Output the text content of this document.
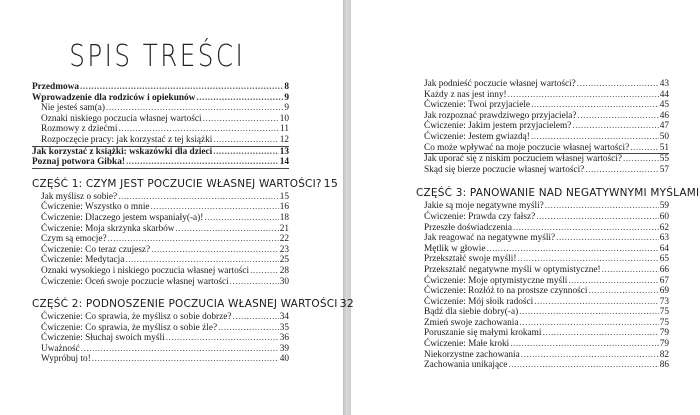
SPIS TREŚCI
Przedmowa .....	8
Wprowadzenie dla rodziców i opiekunów .....	9
Nie jesteś sam(a) .....	9
Oznaki niskiego poczucia własnej wartości .....	10
Rozmowy z dziećmi .....	11
Rozpoczęcie pracy: jak korzystać z tej książki .....	12
Jak korzystać z książki: wskazówki dla dzieci .....	13
Poznaj potwora Gibka! .....	14
CZĘŚĆ 1: CZYM JEST POCZUCIE WŁASNEJ WARTOŚCI? 15
Jak myślisz o sobie? .....	15
Ćwiczenie: Wszystko o mnie .....	16
Ćwiczenie: Dlaczego jestem wspaniały(-a)! .....	18
Ćwiczenie: Moja skrzynka skarbów .....	21
Czym są emocje? .....	22
Ćwiczenie: Co teraz czujesz? .....	23
Ćwiczenie: Medytacja .....	25
Oznaki wysokiego i niskiego poczucia własnej wartości .....	28
Ćwiczenie: Oceń swoje poczucie własnej wartości .....	30
CZĘŚĆ 2: PODNOSZENIE POCZUCIA WŁASNEJ WARTOŚCI 32
Ćwiczenie: Co sprawia, że myślisz o sobie dobrze? .....	34
Ćwiczenie: Co sprawia, że myślisz o sobie źle? .....	35
Ćwiczenie: Słuchaj swoich myśli .....	36
Uważność .....	39
Wypróbuj to! .....	40
Jak podnieść poczucie własnej wartości? .....	43
Każdy z nas jest inny! .....	44
Ćwiczenie: Twoi przyjaciele .....	45
Jak rozpoznać prawdziwego przyjaciela? .....	46
Ćwiczenie: Jakim jestem przyjacielem? .....	47
Ćwiczenie: Jestem gwiazdą! .....	50
Co może wpływać na moje poczucie własnej wartości? .....	51
Jak uporać się z niskim poczuciem własnej wartości? .....	55
Skąd się bierze poczucie własnej wartości? .....	57
CZĘŚĆ 3: PANOWANIE NAD NEGATYWNYMI MYŚLAMI
Jakie są moje negatywne myśli? .....	59
Ćwiczenie: Prawda czy fałsz? .....	60
Przeszłe doświadczenia .....	62
Jak reagować na negatywne myśli? .....	63
Mętlik w głowie .....	64
Przekształć swoje myśli! .....	65
Przekształć negatywne myśli w optymistyczne! .....	66
Ćwiczenie: Moje optymistyczne myśli .....	67
Ćwiczenie: Rozłóż to na prostsze czynności .....	69
Ćwiczenie: Mój słoik radości .....	73
Bądź dla siebie dobry(-a) .....	75
Zmień swoje zachowania .....	75
Poruszanie się małymi krokami .....	79
Ćwiczenie: Małe kroki .....	79
Niekorzystne zachowania .....	82
Zachowania unikające .....	86
